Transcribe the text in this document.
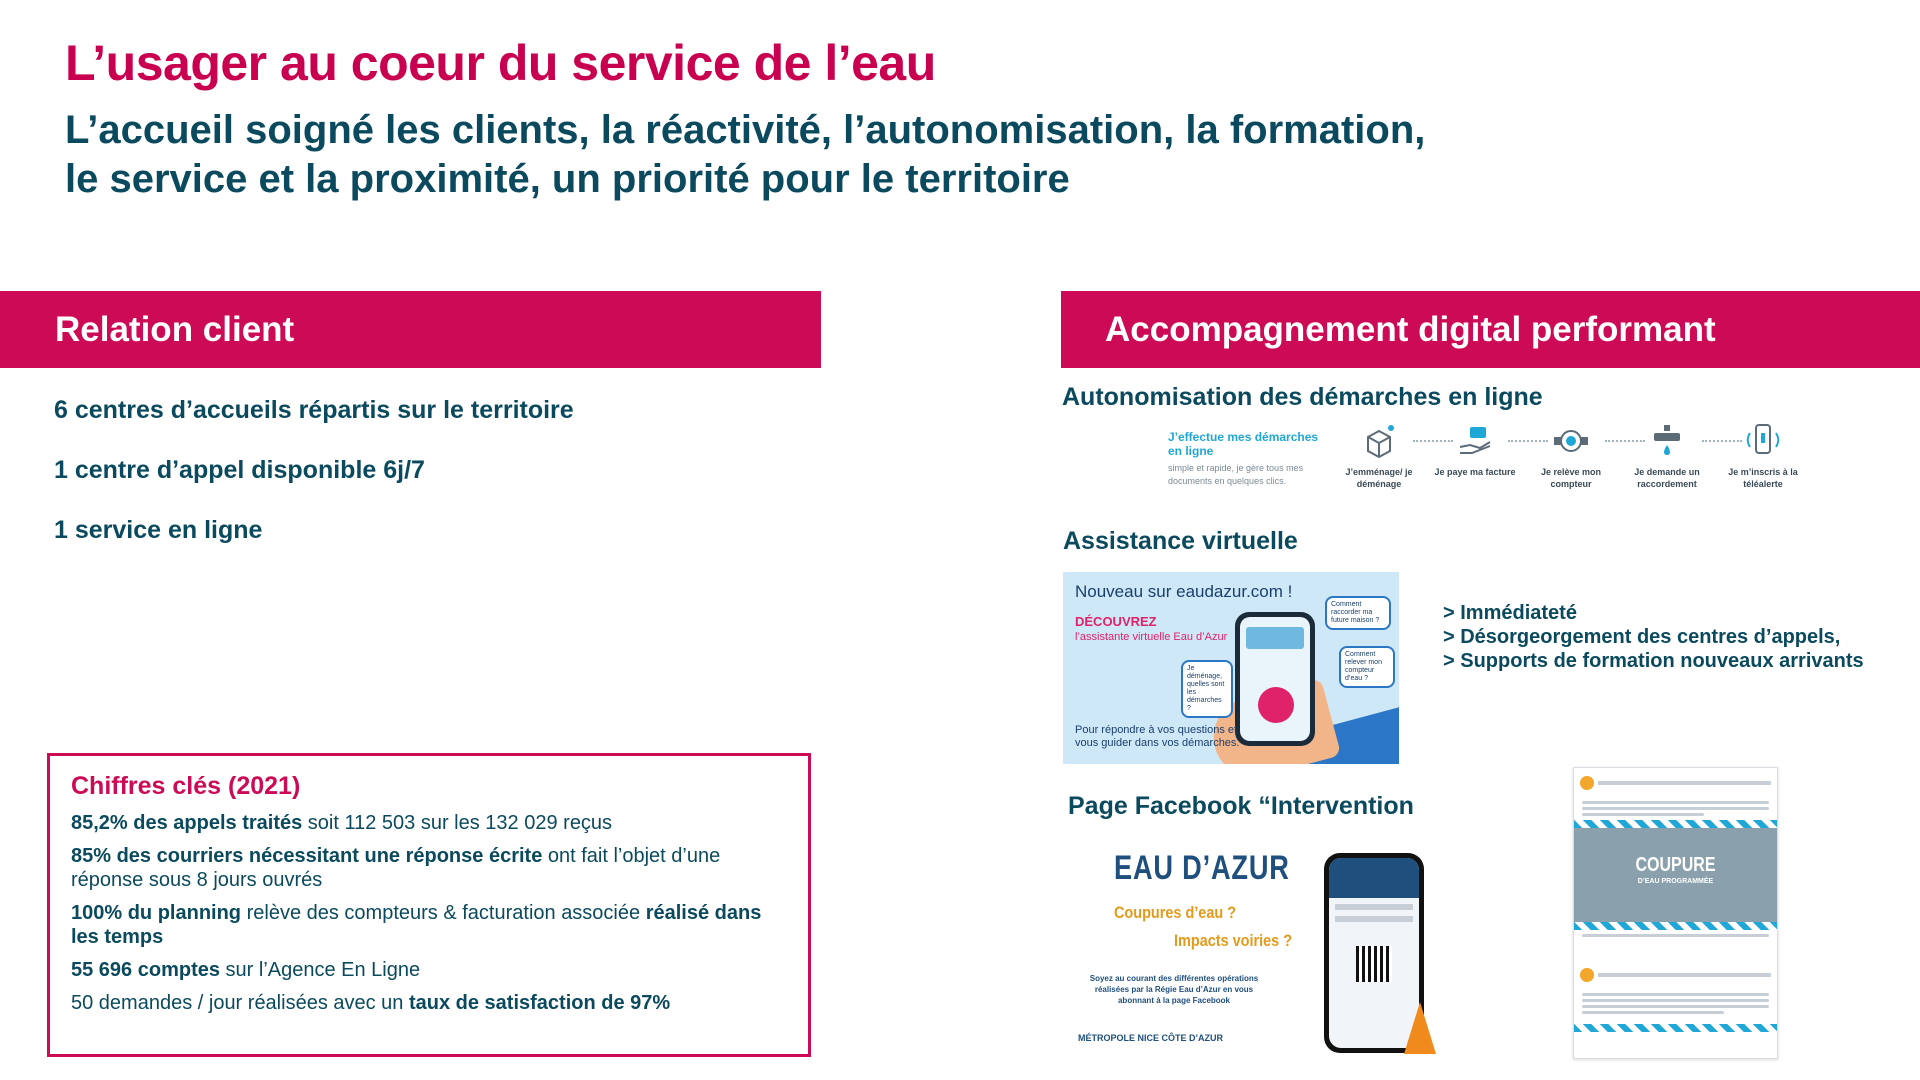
L’usager au coeur du service de l’eau
L’accueil soigné les clients, la réactivité, l’autonomisation, la formation, le service et la proximité, un priorité pour le territoire
Relation client
6 centres d’accueils répartis sur le territoire
1 centre d’appel disponible 6j/7
1 service en ligne
Chiffres clés (2021)
85,2% des appels traités soit 112 503 sur les 132 029 reçus
85% des courriers nécessitant une réponse écrite ont fait l’objet d’une réponse sous 8 jours ouvrés
100% du planning relève des compteurs & facturation associée réalisé dans les temps
55 696 comptes sur l’Agence En Ligne
50 demandes / jour réalisées avec un taux de satisfaction de 97%
Accompagnement digital performant
Autonomisation des démarches en ligne
J’effectue mes démarches en ligne
simple et rapide, je gère tous mes documents en quelques clics.
J’emménage/ je déménage
Je paye ma facture	Je relève mon compteur
Je demande un raccordement
Je m’inscris à la téléalerte
Assistance virtuelle
Nouveau sur eaudazur.com !
DÉCOUVREZ
l’assistante virtuelle Eau d’Azur
Comment raccorder ma future maison ?
Comment relever mon compteur d’eau ?
Je déménage, quelles sont les démarches ?
Pour répondre à vos questions et vous guider dans vos démarches.
> Immédiateté
> Désorgeorgement des centres d’appels,
> Supports de formation nouveaux arrivants
Page Facebook “Intervention
EAU D’AZUR
Coupures d’eau ?
Impacts voiries ?
Soyez au courant des différentes opérations réalisées par la Régie Eau d’Azur en vous abonnant à la page Facebook
MÉTROPOLE NICE CÔTE D’AZUR
COUPURE
D’EAU PROGRAMMÉE
